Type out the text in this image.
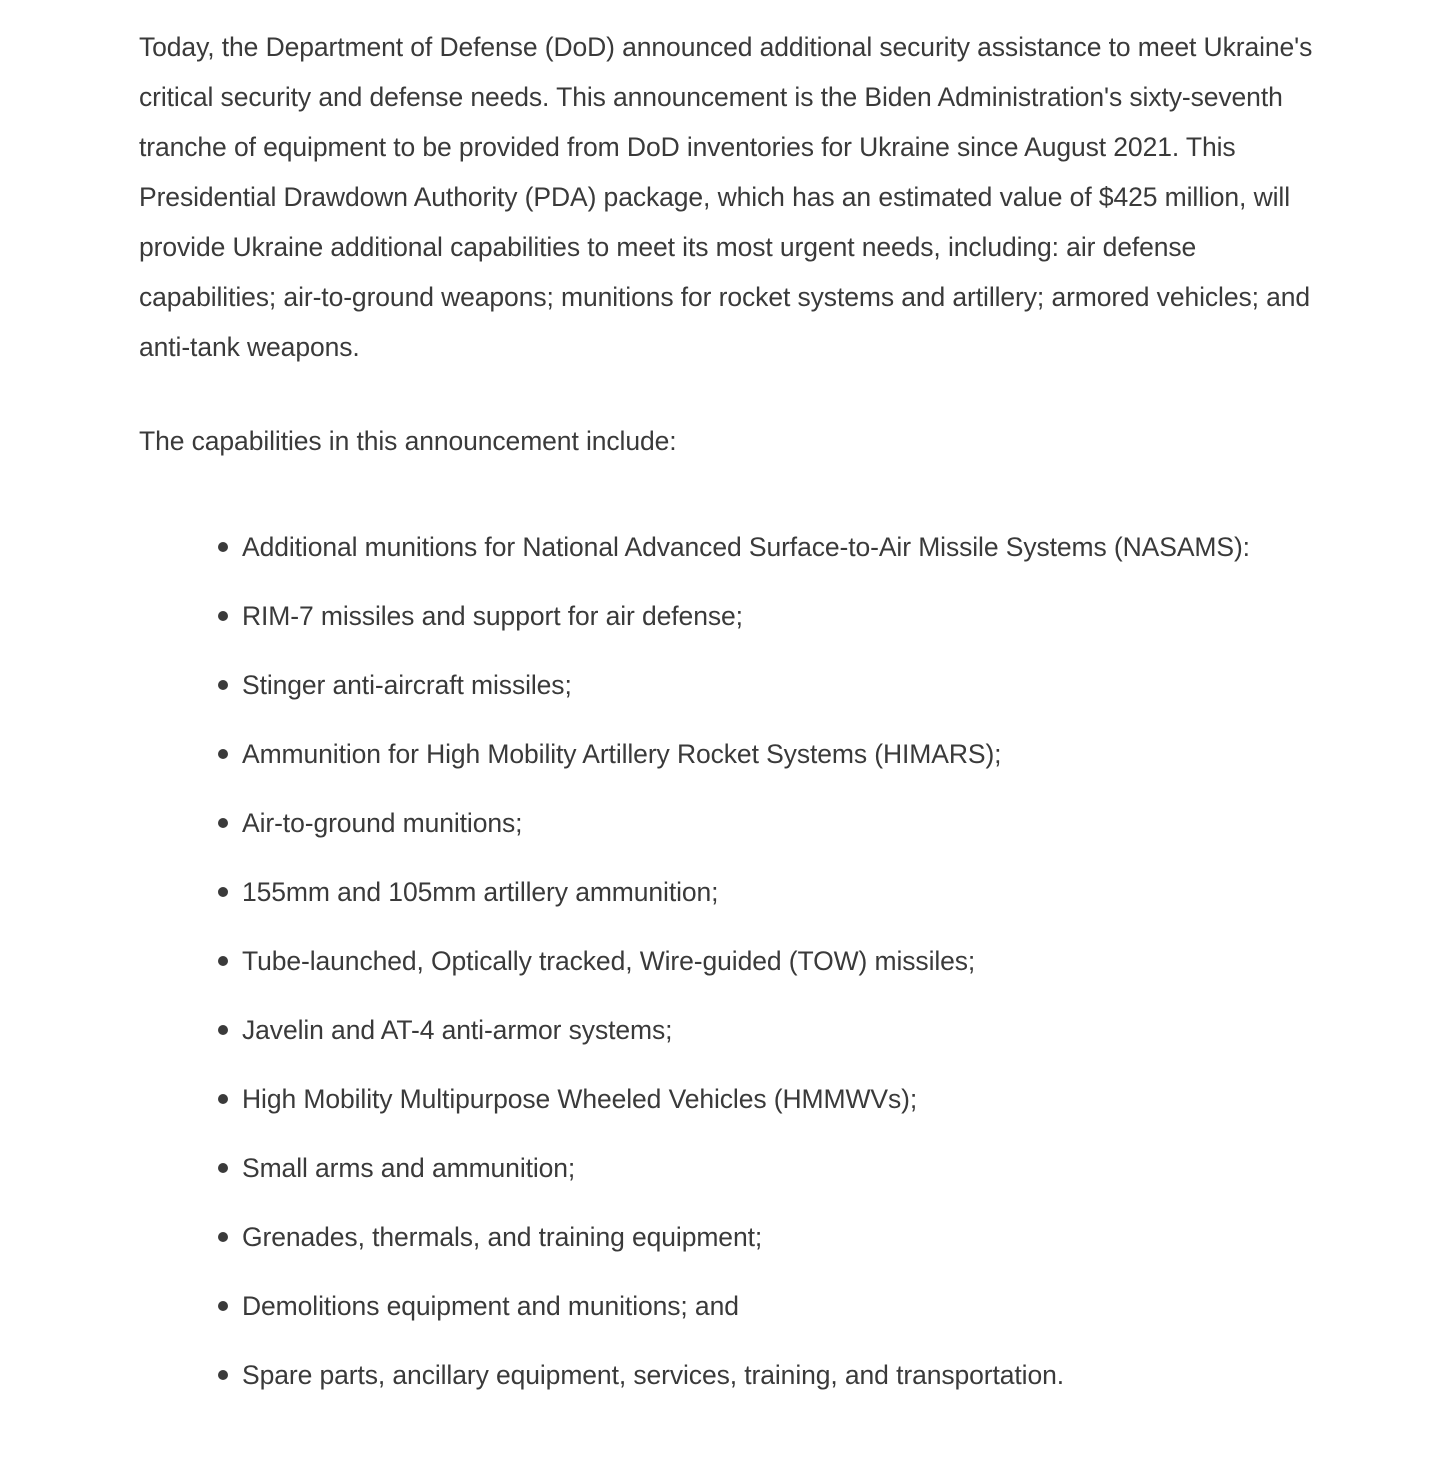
Today, the Department of Defense (DoD) announced additional security assistance to meet Ukraine's critical security and defense needs. This announcement is the Biden Administration's sixty-seventh tranche of equipment to be provided from DoD inventories for Ukraine since August 2021. This Presidential Drawdown Authority (PDA) package, which has an estimated value of $425 million, will provide Ukraine additional capabilities to meet its most urgent needs, including: air defense capabilities; air-to-ground weapons; munitions for rocket systems and artillery; armored vehicles; and anti-tank weapons.

The capabilities in this announcement include:

Additional munitions for National Advanced Surface-to-Air Missile Systems (NASAMS):
RIM-7 missiles and support for air defense;
Stinger anti-aircraft missiles;
Ammunition for High Mobility Artillery Rocket Systems (HIMARS);
Air-to-ground munitions;
155mm and 105mm artillery ammunition;
Tube-launched, Optically tracked, Wire-guided (TOW) missiles;
Javelin and AT-4 anti-armor systems;
High Mobility Multipurpose Wheeled Vehicles (HMMWVs);
Small arms and ammunition;
Grenades, thermals, and training equipment;
Demolitions equipment and munitions; and
Spare parts, ancillary equipment, services, training, and transportation.
